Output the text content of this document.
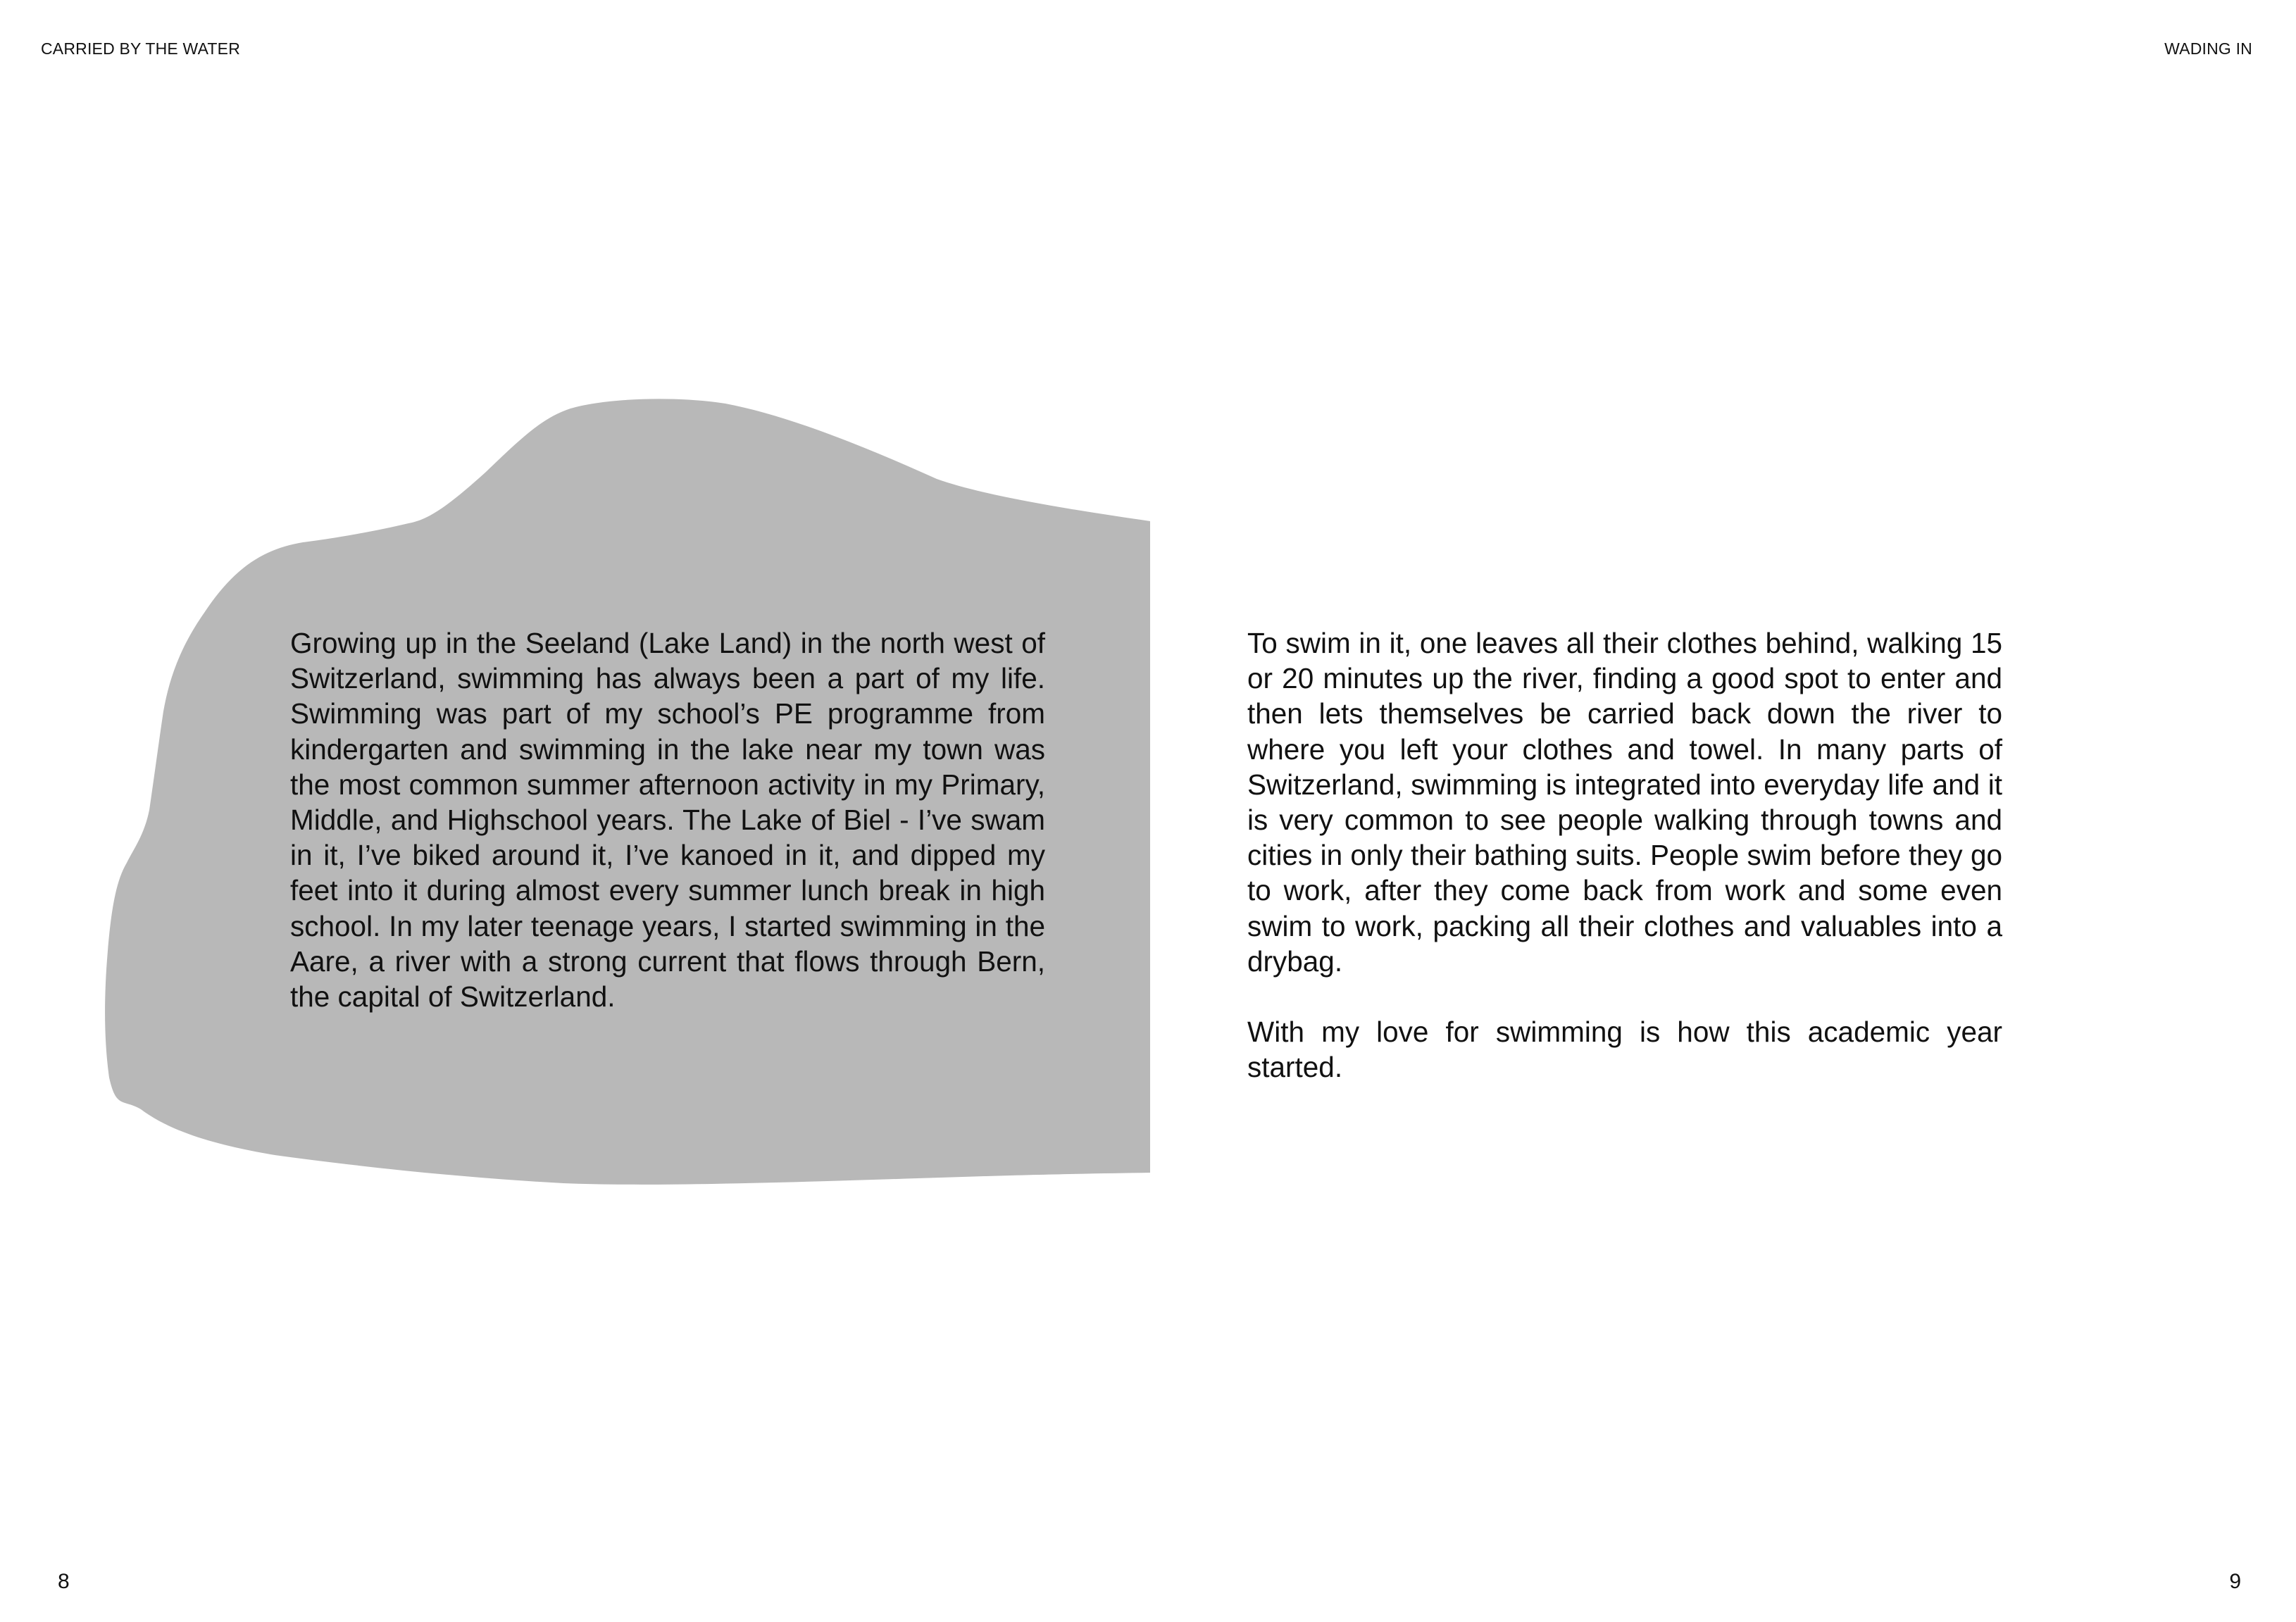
CARRIED BY THE WATER	WADING IN

Growing up in the Seeland (Lake Land) in the north west of Switzerland, swimming has always been a part of my life. Swimming was part of my school’s PE programme from kindergarten and swimming in the lake near my town was the most common summer afternoon activity in my Primary, Middle, and Highschool years. The Lake of Biel - I’ve swam in it, I’ve biked around it, I’ve kanoed in it, and dipped my feet into it during almost every summer lunch break in high school. In my later teenage years, I started swimming in the Aare, a river with a strong current that flows through Bern, the capital of Switzerland.

To swim in it, one leaves all their clothes behind, walking 15 or 20 minutes up the river, finding a good spot to enter and then lets themselves be carried back down the river to where you left your clothes and towel. In many parts of Switzerland, swimming is integrated into everyday life and it is very common to see people walking through towns and cities in only their bathing suits. People swim before they go to work, after they come back from work and some even swim to work, packing all their clothes and valuables into a drybag.

With my love for swimming is how this academic year started.

8	9
